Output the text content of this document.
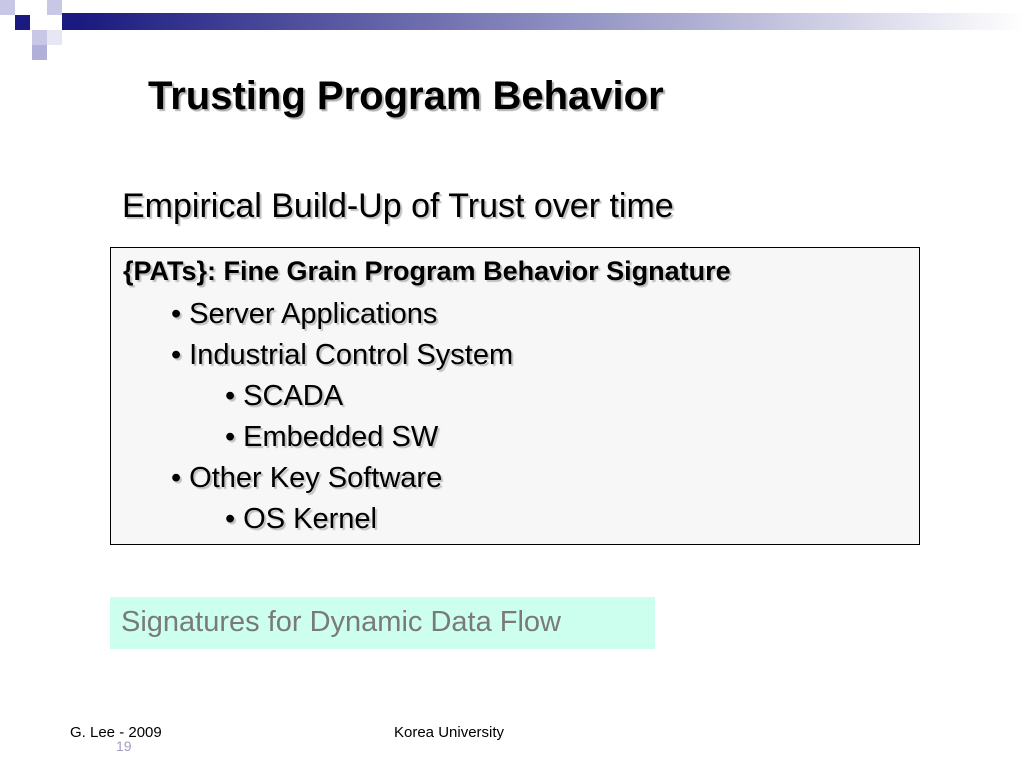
Trusting Program Behavior
Empirical Build-Up of Trust over time
{PATs}: Fine Grain Program Behavior Signature
• Server Applications
• Industrial Control System
• SCADA
• Embedded SW
• Other Key Software
• OS Kernel
Signatures for Dynamic Data Flow
G. Lee - 2009	Korea University
19
